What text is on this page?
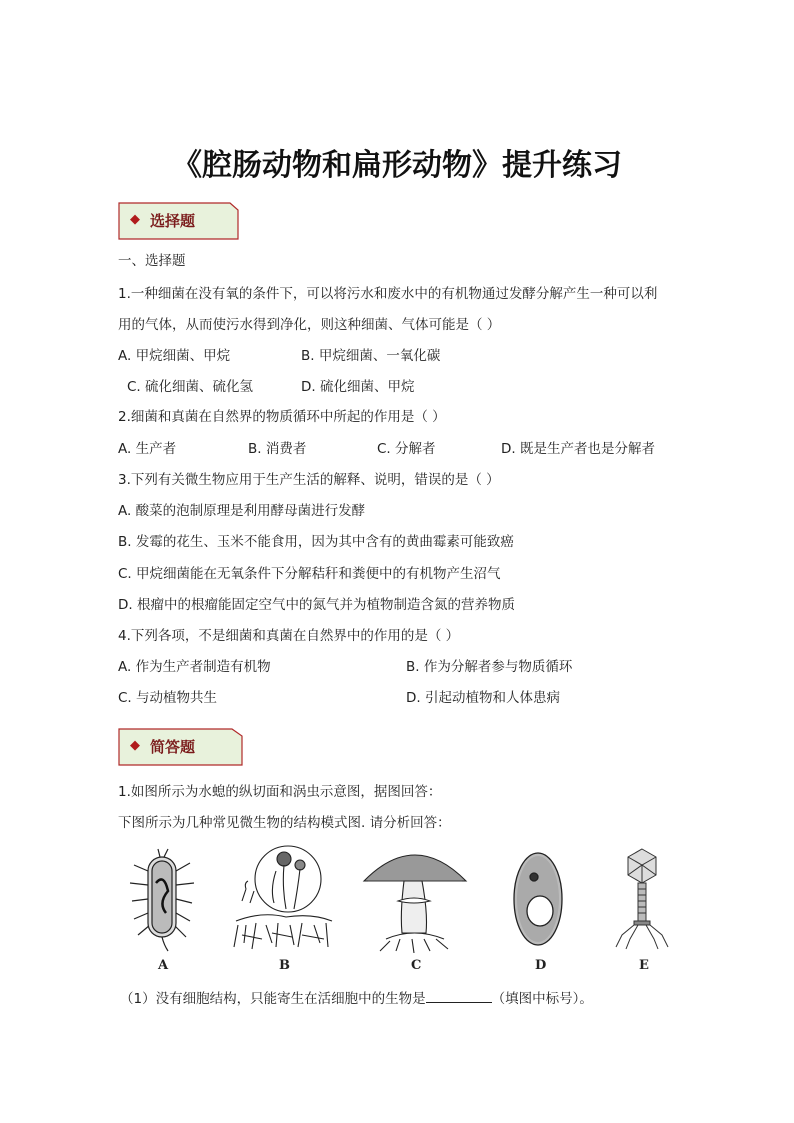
《腔肠动物和扁形动物》提升练习
◆ 选择题
一、选择题
1.一种细菌在没有氧的条件下，可以将污水和废水中的有机物通过发酵分解产生一种可以利
用的气体，从而使污水得到净化，则这种细菌、气体可能是（ ）
A. 甲烷细菌、甲烷	B. 甲烷细菌、一氧化碳
C. 硫化细菌、硫化氢	D. 硫化细菌、甲烷
2.细菌和真菌在自然界的物质循环中所起的作用是（ ）
A. 生产者	B. 消费者	C. 分解者	D. 既是生产者也是分解者
3.下列有关微生物应用于生产生活的解释、说明，错误的是（ ）
A. 酸菜的泡制原理是利用酵母菌进行发酵
B. 发霉的花生、玉米不能食用，因为其中含有的黄曲霉素可能致癌
C. 甲烷细菌能在无氧条件下分解秸秆和粪便中的有机物产生沼气
D. 根瘤中的根瘤能固定空气中的氮气并为植物制造含氮的营养物质
4.下列各项，不是细菌和真菌在自然界中的作用的是（ ）
A. 作为生产者制造有机物	B. 作为分解者参与物质循环
C. 与动植物共生	D. 引起动植物和人体患病
◆ 简答题
1.如图所示为水螅的纵切面和涡虫示意图，据图回答：
下图所示为几种常见微生物的结构模式图. 请分析回答：
A	B	C	D	E
（1）没有细胞结构，只能寄生在活细胞中的生物是	（填图中标号）。
